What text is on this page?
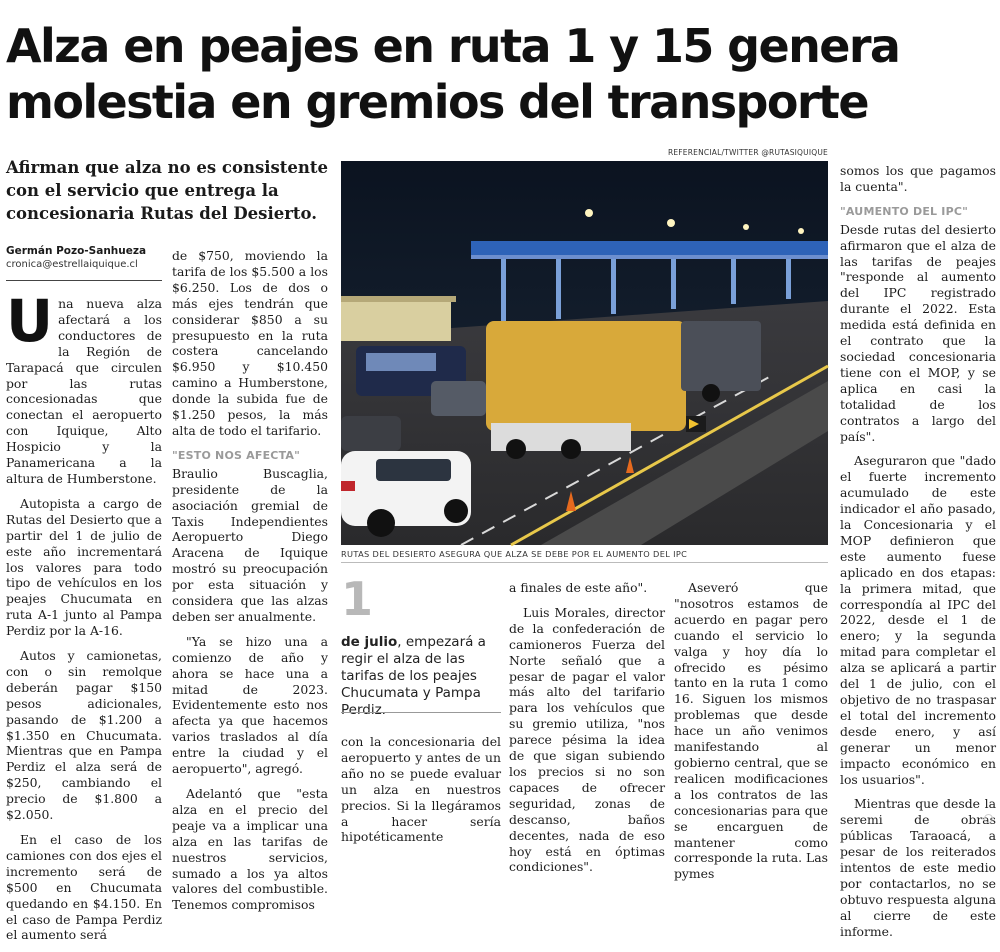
Alza en peajes en ruta 1 y 15 genera
molestia en gremios del transporte
Afirman que alza no es consistente con el servicio que entrega la concesionaria Rutas del Desierto.
Germán Pozo-Sanhueza
cronica@estrellaiquique.cl

Una nueva alza afectará a los conductores de la Región de Tarapacá que circulen por las rutas concesionadas que conectan el aeropuerto con Iquique, Alto Hospicio y la Panamericana a la altura de Humberstone.

Autopista a cargo de Rutas del Desierto que a partir del 1 de julio de este año incrementará los valores para todo tipo de vehículos en los peajes Chucumata en ruta A-1 junto al Pampa Perdiz por la A-16.

Autos y camionetas, con o sin remolque deberán pagar $150 pesos adicionales, pasando de $1.200 a $1.350 en Chucumata. Mientras que en Pampa Perdiz el alza será de $250, cambiando el precio de $1.800 a $2.050.

En el caso de los camiones con dos ejes el incremento será de $500 en Chucumata quedando en $4.150. En el caso de Pampa Perdiz el aumento será

de $750, moviendo la tarifa de los $5.500 a los $6.250. Los de dos o más ejes tendrán que considerar $850 a su presupuesto en la ruta costera cancelando $6.950 y $10.450 camino a Humberstone, donde la subida fue de $1.250 pesos, la más alta de todo el tarifario.

"ESTO NOS AFECTA"

Braulio Buscaglia, presidente de la asociación gremial de Taxis Independientes Aeropuerto Diego Aracena de Iquique mostró su preocupación por esta situación y considera que las alzas deben ser anualmente.

"Ya se hizo una a comienzo de año y ahora se hace una a mitad de 2023. Evidentemente esto nos afecta ya que hacemos varios traslados al día entre la ciudad y el aeropuerto", agregó.

Adelantó que "esta alza en el precio del peaje va a implicar una alza en las tarifas de nuestros servicios, sumado a los ya altos valores del combustible. Tenemos compromisos

REFERENCIAL/TWITTER @RUTASIQUIQUE
RUTAS DEL DESIERTO ASEGURA QUE ALZA SE DEBE POR EL AUMENTO DEL IPC
1
de julio, empezará a regir el alza de las tarifas de los peajes Chucumata y Pampa Perdiz.

con la concesionaria del aeropuerto y antes de un año no se puede evaluar un alza en nuestros precios. Si la llegáramos a hacer sería hipotéticamente

a finales de este año".

Luis Morales, director de la confederación de camioneros Fuerza del Norte señaló que a pesar de pagar el valor más alto del tarifario para los vehículos que su gremio utiliza, "nos parece pésima la idea de que sigan subiendo los precios si no son capaces de ofrecer seguridad, zonas de descanso, baños decentes, nada de eso hoy está en óptimas condiciones".

Aseveró que "nosotros estamos de acuerdo en pagar pero cuando el servicio lo valga y hoy día lo ofrecido es pésimo tanto en la ruta 1 como 16. Siguen los mismos problemas que desde hace un año venimos manifestando al gobierno central, que se realicen modificaciones a los contratos de las concesionarias para que se encarguen de mantener como corresponde la ruta. Las pymes

somos los que pagamos la cuenta".

"AUMENTO DEL IPC"

Desde rutas del desierto afirmaron que el alza de las tarifas de peajes "responde al aumento del IPC registrado durante el 2022. Esta medida está definida en el contrato que la sociedad concesionaria tiene con el MOP, y se aplica en casi la totalidad de los contratos a largo del país".

Aseguraron que "dado el fuerte incremento acumulado de este indicador el año pasado, la Concesionaria y el MOP definieron que este aumento fuese aplicado en dos etapas: la primera mitad, que correspondía al IPC del 2022, desde el 1 de enero; y la segunda mitad para completar el alza se aplicará a partir del 1 de julio, con el objetivo de no traspasar el total del incremento desde enero, y así generar un menor impacto económico en los usuarios".

Mientras que desde la seremi de obras públicas Taraoacá, a pesar de los reiterados intentos de este medio por contactarlos, no se obtuvo respuesta alguna al cierre de este informe.
